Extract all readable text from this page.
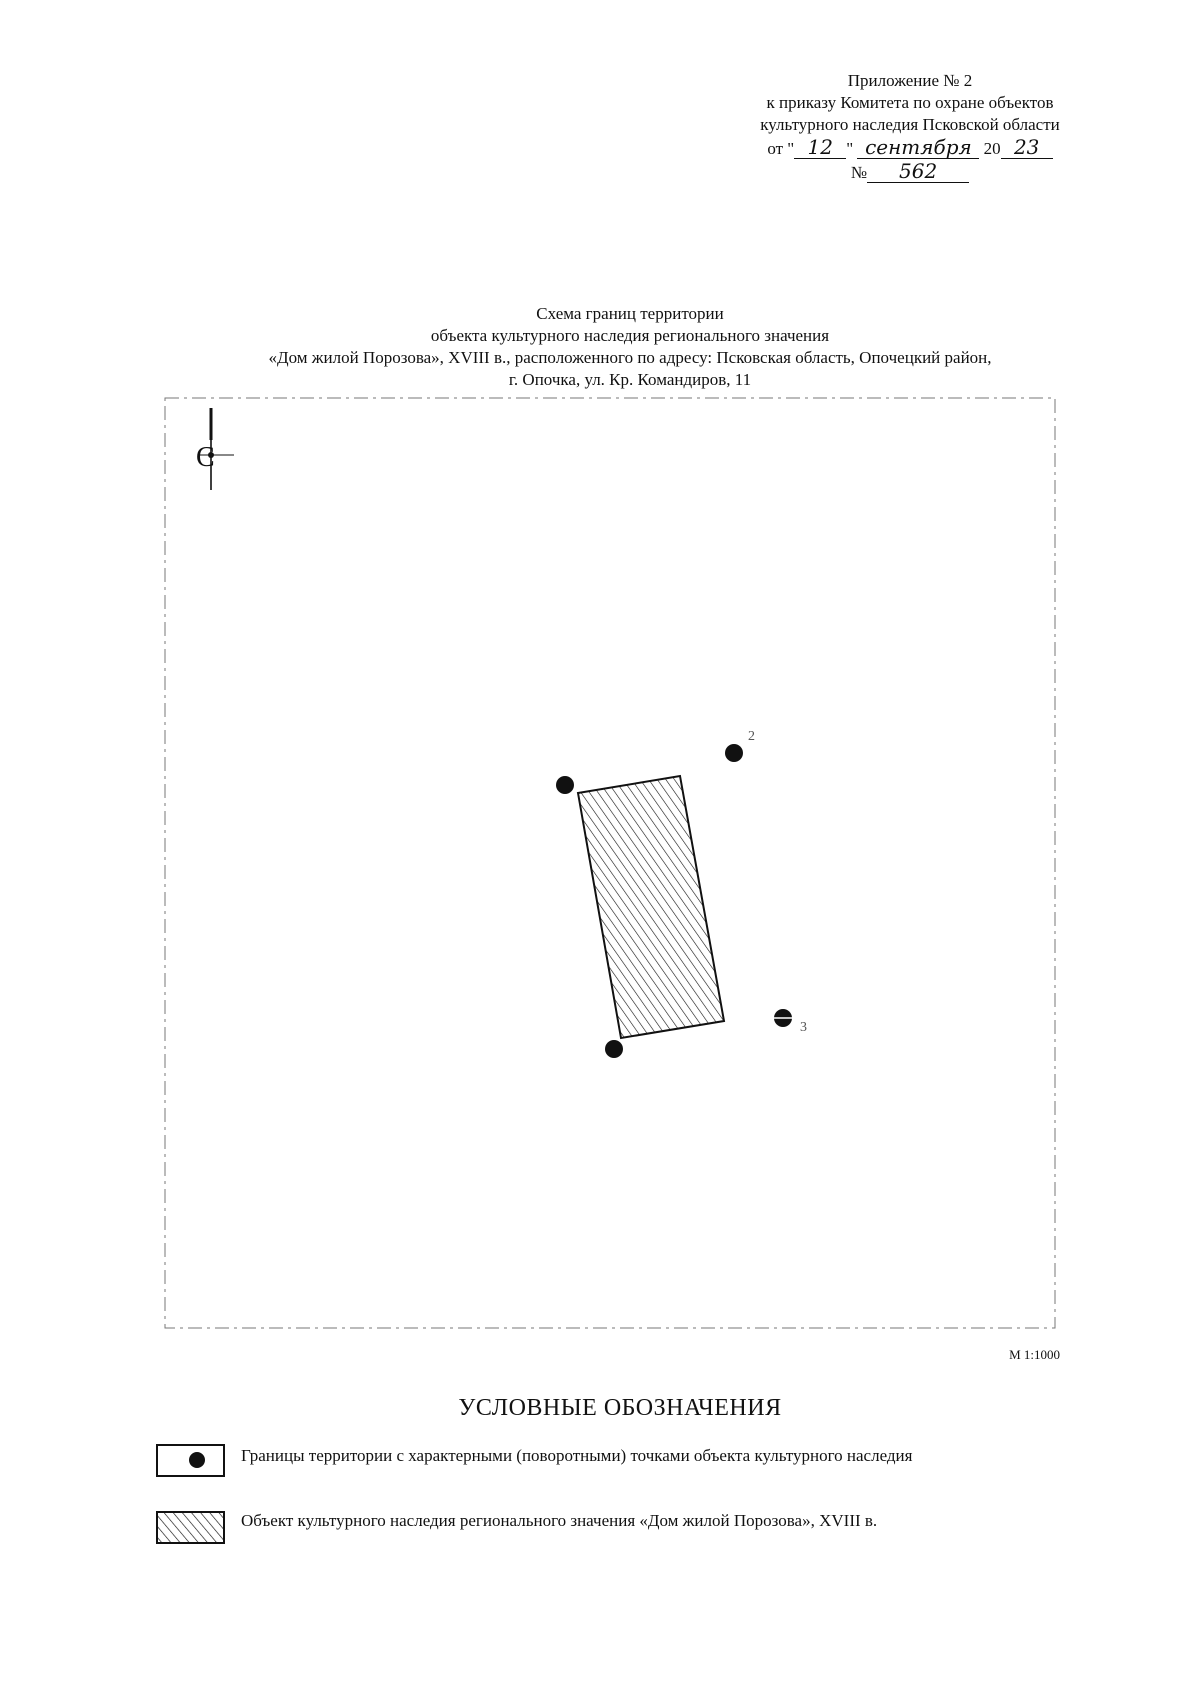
Приложение № 2
к приказу Комитета по охране объектов
культурного наследия Псковской области
от " 12 " сентября 20 23
№ 562
Схема границ территории
объекта культурного наследия регионального значения
«Дом жилой Порозова», XVIII в., расположенного по адресу: Псковская область, Опочецкий район,
г. Опочка, ул. Кр. Командиров, 11
С
2
3
М 1:1000
УСЛОВНЫЕ ОБОЗНАЧЕНИЯ
Границы территории с характерными (поворотными) точками объекта культурного наследия
Объект культурного наследия регионального значения «Дом жилой Порозова», XVIII в.
